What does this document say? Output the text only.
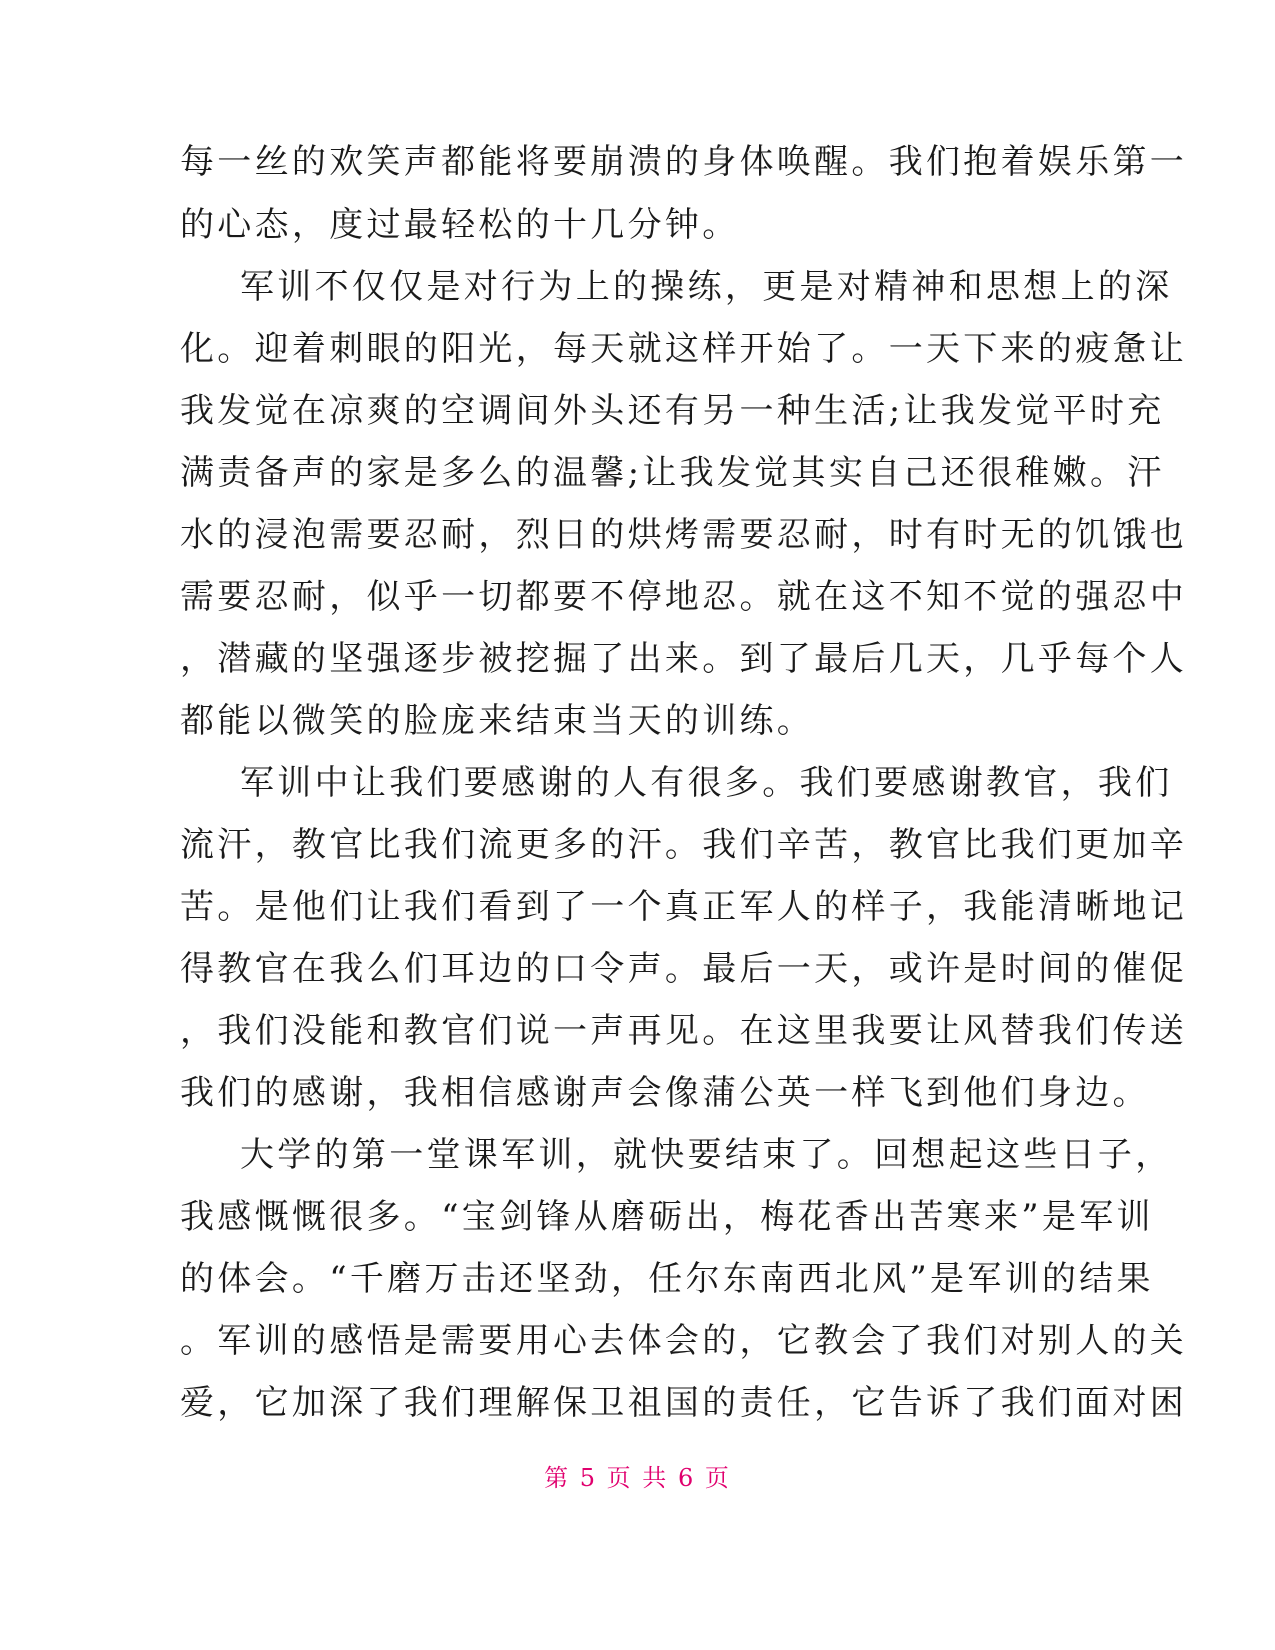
每一丝的欢笑声都能将要崩溃的身体唤醒。我们抱着娱乐第一
的心态，度过最轻松的十几分钟。
军训不仅仅是对行为上的操练，更是对精神和思想上的深
化。迎着刺眼的阳光，每天就这样开始了。一天下来的疲惫让
我发觉在凉爽的空调间外头还有另一种生活;让我发觉平时充
满责备声的家是多么的温馨;让我发觉其实自己还很稚嫩。汗
水的浸泡需要忍耐，烈日的烘烤需要忍耐，时有时无的饥饿也
需要忍耐，似乎一切都要不停地忍。就在这不知不觉的强忍中
，潜藏的坚强逐步被挖掘了出来。到了最后几天，几乎每个人
都能以微笑的脸庞来结束当天的训练。
军训中让我们要感谢的人有很多。我们要感谢教官，我们
流汗，教官比我们流更多的汗。我们辛苦，教官比我们更加辛
苦。是他们让我们看到了一个真正军人的样子，我能清晰地记
得教官在我么们耳边的口令声。最后一天，或许是时间的催促
，我们没能和教官们说一声再见。在这里我要让风替我们传送
我们的感谢，我相信感谢声会像蒲公英一样飞到他们身边。
大学的第一堂课军训，就快要结束了。回想起这些日子，
我感慨慨很多。“宝剑锋从磨砺出，梅花香出苦寒来”是军训
的体会。“千磨万击还坚劲，任尔东南西北风”是军训的结果
。军训的感悟是需要用心去体会的，它教会了我们对别人的关
爱，它加深了我们理解保卫祖国的责任，它告诉了我们面对困
第 5 页 共 6 页
